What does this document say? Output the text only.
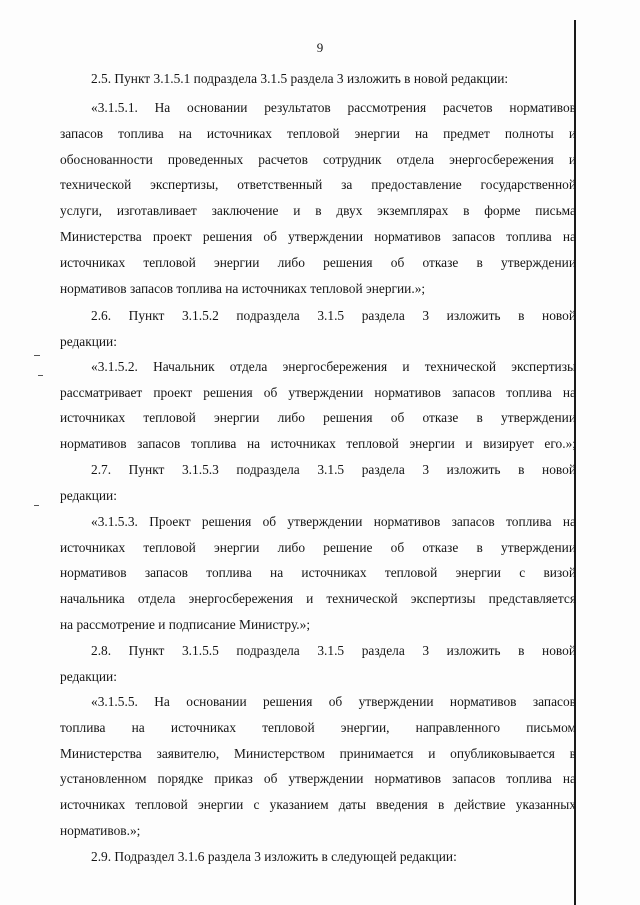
9
2.5. Пункт 3.1.5.1 подраздела 3.1.5 раздела 3 изложить в новой редакции:
«3.1.5.1. На основании результатов рассмотрения расчетов нормативов
запасов топлива на источниках тепловой энергии на предмет полноты и
обоснованности проведенных расчетов сотрудник отдела энергосбережения и
технической экспертизы, ответственный за предоставление государственной
услуги, изготавливает заключение и в двух экземплярах в форме письма
Министерства проект решения об утверждении нормативов запасов топлива на
источниках тепловой энергии либо решения об отказе в утверждении
нормативов запасов топлива на источниках тепловой энергии.»;
2.6. Пункт 3.1.5.2 подраздела 3.1.5 раздела 3 изложить в новой
редакции:
«3.1.5.2. Начальник отдела энергосбережения и технической экспертизы
рассматривает проект решения об утверждении нормативов запасов топлива на
источниках тепловой энергии либо решения об отказе в утверждении
нормативов запасов топлива на источниках тепловой энергии и визирует его.»;
2.7. Пункт 3.1.5.3 подраздела 3.1.5 раздела 3 изложить в новой
редакции:
«3.1.5.3. Проект решения об утверждении нормативов запасов топлива на
источниках тепловой энергии либо решение об отказе в утверждении
нормативов запасов топлива на источниках тепловой энергии с визой
начальника отдела энергосбережения и технической экспертизы представляется
на рассмотрение и подписание Министру.»;
2.8. Пункт 3.1.5.5 подраздела 3.1.5 раздела 3 изложить в новой
редакции:
«3.1.5.5. На основании решения об утверждении нормативов запасов
топлива на источниках тепловой энергии, направленного письмом
Министерства заявителю, Министерством принимается и опубликовывается в
установленном порядке приказ об утверждении нормативов запасов топлива на
источниках тепловой энергии с указанием даты введения в действие указанных
нормативов.»;
2.9. Подраздел 3.1.6 раздела 3 изложить в следующей редакции:
